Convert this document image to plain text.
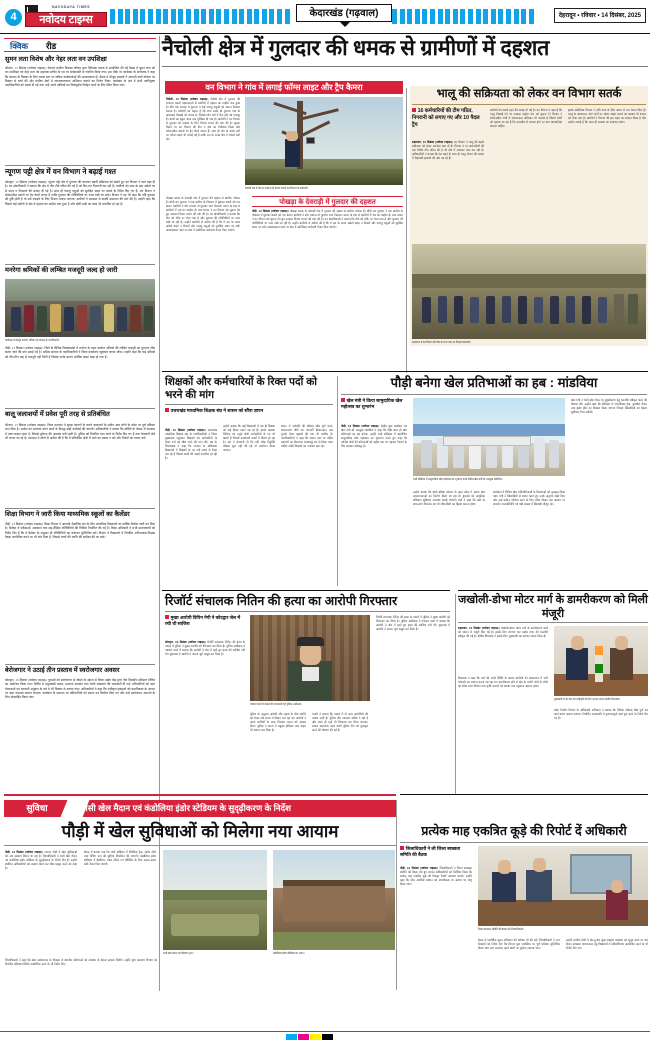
4
NAVODAYA TIMES
नवोदय टाइम्स
केदारखंड (गढ़वाल)	देहरादून • रविवार • 14 दिसंबर, 2025
क्विक रीड
सुमन लता विशेष और नेहर लता वन उपशिक्षा
श्रीनगर, 13 दिसंबर (नवोदय टाइम्स)। नेशनल ग्रामीण विकास परिषद द्वारा नैनीडांडा ब्लाक में आयोजित की गई बैठक में सुमन लता को वन उपशिक्षा एवं नेहर लता को सहायक सचिव के पद पर सर्वसम्मति से चयनित किया गया। इस मौके पर कार्यक्रम के संयोजक ने कहा कि संगठन के विस्तार के लिए ब्लाक स्तर पर सक्रिय कार्यकर्ताओं की आवश्यकता है। बैठक में मौजूद सदस्यों ने आगामी कार्य योजना पर विस्तार से चर्चा की और ग्रामीण क्षेत्रों में जनजागरूकता अभियान चलाने का निर्णय लिया। कार्यक्रम के अंत में सभी नवनियुक्त पदाधिकारियों को बधाई दी गई तथा उन्हें अपने दायित्वों का निष्ठापूर्वक निर्वहन करने के लिए प्रेरित किया गया।
न्यूगण पट्टी क्षेत्र में वन विभाग ने बढ़ाई गश्त
कोटद्वार, 13 दिसंबर (नवोदय टाइम्स)। न्यूगण पट्टी क्षेत्र में गुलदार की लगातार बढ़ती सक्रियता को देखते हुए वन विभाग ने गश्त बढ़ा दी है। वन क्षेत्राधिकारी ने बताया कि क्षेत्र में तीन टीमें गठित की गई हैं जो दिन-रात निगरानी कर रही हैं। ग्रामीणों को शाम के बाद अकेले घर से बाहर न निकलने की सलाह दी गई है। साथ ही पालतू पशुओं को सुरक्षित स्थान पर बांधने के निर्देश दिए गए हैं। वन विभाग ने संवेदनशील स्थानों पर ट्रैप कैमरे लगाए हैं ताकि गुलदार की गतिविधियों पर नजर रखी जा सके। विभाग ने यह भी कहा कि यदि गुलदार की पुष्टि होती है तो उसे पकड़ने के लिए पिंजरा लगाया जाएगा। ग्रामीणों ने प्रशासन से स्थायी समाधान की मांग की है। उन्होंने कहा कि पिछले कई महीनों से क्षेत्र में दहशत का माहौल बना हुआ है और खेती-बाड़ी का काम भी प्रभावित हो रहा है।
मनरेगा श्रमिकों की लम्बित मजदूरी जल्द हो जारी
कार्यक्रम में मौजूद मनरेगा श्रमिक एवं संगठन के पदाधिकारी।
पौड़ी, 13 दिसंबर (नवोदय टाइम्स)। जिले के विभिन्न विकासखंडों में मनरेगा के तहत कार्यरत श्रमिकों की लम्बित मजदूरी का भुगतान शीघ्र कराए जाने की मांग उठाई गई है। श्रमिक संगठन के पदाधिकारियों ने जिला कार्यालय पहुंचकर ज्ञापन सौंपा। उन्होंने कहा कि कई श्रमिकों को तीन-तीन माह से मजदूरी नहीं मिली है जिससे उनके सामने आर्थिक संकट खड़ा हो गया है।
बालूू जलाशयों में प्रवेश पूरी तरह से प्रतिबंधित
श्रीनगर, 13 दिसंबर (नवोदय टाइम्स)। जिला प्रशासन ने सुरक्षा कारणों के चलते जलाशयों के समीप आम लोगों के प्रवेश पर पूर्ण प्रतिबंध लगा दिया है। आदेश का उल्लंघन करने वालों के विरुद्ध कड़ी कार्रवाई की जाएगी। अधिकारियों ने बताया कि सर्दियों के मौसम में जलस्तर में उतार-चढ़ाव रहता है, जिससे दुर्घटना की आशंका बनी रहती है। पुलिस को नियमित गश्त करने के निर्देश दिए गए हैं तथा चेतावनी बोर्ड भी लगाए जा रहे हैं। प्रशासन ने लोगों से अपील की है कि वे प्रतिबंधित क्षेत्रों में जाने का प्रयास न करें और नियमों का पालन करें।
शिक्षा विभाग ने जारी किया माध्यमिक स्कूलों का कैलेंडर
पौड़ी, 13 दिसंबर (नवोदय टाइम्स)। शिक्षा विभाग ने आगामी शैक्षणिक सत्र के लिए माध्यमिक विद्यालयों का वार्षिक कैलेंडर जारी कर दिया है। कैलेंडर में परीक्षाओं, अवकाश तथा सह-शैक्षिक गतिविधियों की तिथियां निर्धारित की गई हैं। शिक्षा अधिकारी ने सभी प्रधानाचार्यों को निर्देश दिए हैं कि वे कैलेंडर के अनुसार ही गतिविधियों का संचालन सुनिश्चित करें। विभाग ने विद्यालयों में नियमित अभिभावक-शिक्षक बैठक आयोजित करने पर भी जोर दिया है, जिससे बच्चों की प्रगति की समीक्षा की जा सके।
बेरोजगार ने उठाई तीन प्रस्ताव में स्वरोजगार अवसर
कोटद्वार, 13 दिसंबर (नवोदय टाइम्स)। युवाओं को स्वरोजगार से जोड़ने के उद्देश्य से जिला उद्योग केंद्र द्वारा तीन दिवसीय प्रशिक्षण शिविर का आयोजन किया गया। शिविर में मधुमक्खी पालन, मशरूम उत्पादन तथा डेयरी व्यवसाय की जानकारी दी गई। प्रतिभागियों को ऋण योजनाओं एवं सरकारी अनुदान के बारे में भी विस्तार से बताया गया। अधिकारियों ने कहा कि पंजीकृत इकाइयों को प्राथमिकता के आधार पर ऋण उपलब्ध कराया जाएगा। कार्यक्रम के समापन पर प्रतिभागियों को प्रमाण पत्र वितरित किए गए और उन्हें स्वरोजगार अपनाने के लिए प्रोत्साहित किया गया।
नैचोली क्षेत्र में गुलदार की धमक से ग्रामीणों में दहशत
वन विभाग ने गांव में लगाई फॉग्स लाइट और ट्रैप कैमरा
नैचोली, 13 दिसंबर (नवोदय टाइम्स)। नैचोली क्षेत्र में गुलदार की लगातार बढ़ती चहलकदमी से ग्रामीणों में दहशत का माहौल बना हुआ है। बीते एक सप्ताह में गुलदार ने कई पालतू पशुओं को अपना निवाला बनाया है। ग्रामीणों का कहना है कि शाम ढलते ही गुलदार गांव के आसपास दिखाई देने लगता है, जिससे लोग घरों में कैद होने को मजबूर हैं। बच्चों का स्कूल जाना तक मुश्किल हो गया है। ग्रामीणों ने वन विभाग से गुलदार को पकड़ने के लिए पिंजरा लगाने की मांग की है। सूचना मिलने पर वन विभाग की टीम ने क्षेत्र का निरीक्षण किया और संवेदनशील स्थानों पर ट्रैप कैमरे लगाए हैं। साथ ही गांव के प्रवेश मार्ग पर फॉग्स लाइट भी लगाई गई है ताकि रात के समय क्षेत्र में रोशनी बनी रहे।
नैचोली क्षेत्र में पेड़ पर चढ़कर ट्रैप कैमरा लगाते वन विभाग के कर्मचारी।
पोखड़ा के देवराड़ी में गुलदार की दहशत
पौड़ी, 13 दिसंबर (नवोदय टाइम्स)। पोखड़ा ब्लाक के देवराड़ी गांव में गुलदार की दहशत से ग्रामीण परेशान हैं। बीती रात गुलदार ने एक ग्रामीण के गौशाला में घुसकर बकरी को मार डाला। ग्रामीणों ने शोर मचाया तो गुलदार भाग निकला। घटना के बाद से ग्रामीणों में भय का माहौल है। ग्राम प्रधान ने वन विभाग को सूचना देते हुए तत्काल पिंजरा लगाने की मांग की है। वन क्षेत्राधिकारी ने बताया कि टीम को मौके पर भेजा गया है और गुलदार की गतिविधियों पर नजर रखी जा रही है। उन्होंने ग्रामीणों से अपील की है कि वे रात के समय अकेले बाहर न निकलें और पालतू पशुओं को सुरक्षित स्थान पर रखें। आवश्यकता पड़ने पर क्षेत्र में अतिरिक्त कर्मचारी तैनात किए जाएंगे।
पोखड़ा ब्लाक के देवराड़ी गांव में गुलदार की दहशत से ग्रामीण परेशान हैं। बीती रात गुलदार ने एक ग्रामीण के गौशाला में घुसकर बकरी को मार डाला। ग्रामीणों ने शोर मचाया तो गुलदार भाग निकला। घटना के बाद से ग्रामीणों में भय का माहौल है। ग्राम प्रधान ने वन विभाग को सूचना देते हुए तत्काल पिंजरा लगाने की मांग की है। वन क्षेत्राधिकारी ने बताया कि टीम को मौके पर भेजा गया है और गुलदार की गतिविधियों पर नजर रखी जा रही है। उन्होंने ग्रामीणों से अपील की है कि वे रात के समय अकेले बाहर न निकलें और पालतू पशुओं को सुरक्षित स्थान पर रखें। आवश्यकता पड़ने पर क्षेत्र में अतिरिक्त कर्मचारी तैनात किए जाएंगे।
भालू की सक्रियता को लेकर वन विभाग सतर्क
16 कर्मचारियों की टीम गठित, निगरानी को लगाए गए और 10 पैदल ट्रैप
रुद्रप्रयाग, 13 दिसंबर (नवोदय टाइम्स)। वन विभाग ने भालू की बढ़ती सक्रियता को लेकर सतर्कता बढ़ा दी है। विभाग ने 16 कर्मचारियों की एक विशेष टीम गठित की है जो क्षेत्र में लगातार गश्त कर रही है। अधिकारियों ने बताया कि ठंड बढ़ने के साथ ही भालू भोजन की तलाश में रिहायशी इलाकों की ओर आ रहे हैं।
ग्रामीणों को सतर्क रहने की सलाह दी गई है। वन विभाग ने कहा है कि भालू दिखाई देने पर तत्काल कंट्रोल रूम को सूचना दें। विभाग ने संवेदनशील गांवों में जागरूकता अभियान भी चलाया है जिसमें लोगों को बताया जा रहा है कि वन्यजीव से सामना होने पर क्या सावधानियां बरतनी चाहिए।
इसके अतिरिक्त विभाग ने रात्रि गश्त के लिए अलग से दल तैनात किए हैं। भालू के आवागमन वाले मार्गों पर सोलर लाइट लगाने का प्रस्ताव भी शासन को भेजा गया है। ग्रामीणों ने विभाग की इस पहल का स्वागत किया है और उम्मीद जताई है कि जल्द ही समस्या का समाधान होगा।
रुद्रप्रयाग में वन विभाग की टीम के साथ गश्त पर निकले कर्मचारी।
शिक्षकों और कर्मचारियों के रिक्त पदों को भरने की मांग
उत्तराखंड माध्यमिक शिक्षक संघ ने शासन को सौंपा ज्ञापन
पौड़ी, 13 दिसंबर (नवोदय टाइम्स)। उत्तराखंड माध्यमिक शिक्षक संघ के पदाधिकारियों ने जिला मुख्यालय पहुंचकर शिक्षकों एवं कर्मचारियों के रिक्त पदों को शीघ्र भरने की मांग की। संघ के जिलाध्यक्ष ने कहा कि जनपद के अधिकांश विद्यालयों में शिक्षकों के पद लंबे समय से रिक्त चल रहे हैं जिससे छात्रों की पढ़ाई प्रभावित हो रही है।
उन्होंने बताया कि कई विद्यालयों में एक ही शिक्षक को कई विषय पढ़ाने पड़ रहे हैं। इसके अलावा लिपिक एवं चतुर्थ श्रेणी कर्मचारियों के पद भी खाली हैं जिससे कार्यालयी कार्यों में विलंब हो रहा है। संघ ने चेतावनी दी कि यदि शीघ्र नियुक्ति प्रक्रिया शुरू नहीं की गई तो आंदोलन किया जाएगा।
ज्ञापन में पदोन्नति की प्रक्रिया शीघ्र पूर्ण करने, स्थानांतरण नीति का पारदर्शी क्रियान्वयन तथा पुरानी पेंशन बहाली की मांग भी शामिल है। पदाधिकारियों ने कहा कि शासन स्तर पर लंबित प्रकरणों का निस्तारण समयबद्ध ढंग से किया जाना चाहिए ताकि शिक्षकों का मनोबल बना रहे।
पौड़ी बनेगा खेल प्रतिभाओं का हब : मांडविया
खेल मंत्री ने किया सामुदायिक खेल महोत्सव का शुभारंभ
पौड़ी, 13 दिसंबर (नवोदय टाइम्स)। केंद्रीय युवा कार्यक्रम एवं खेल मंत्री डॉ. मनसुख मांडविया ने कहा कि पौड़ी जल्द ही खेल प्रतिभाओं का हब बनेगा। उन्होंने रांसी स्टेडियम में आयोजित सामुदायिक खेल महोत्सव का शुभारंभ करते हुए कहा कि पर्वतीय क्षेत्रों की प्रतिभाओं को राष्ट्रीय स्तर पर पहचान दिलाने के लिए सरकार प्रतिबद्ध है।
रांसी स्टेडियम में सामुदायिक खेल महोत्सव का शुभारंभ करते केंद्रीय खेल मंत्री डॉ. मनसुख मांडविया।
उन्होंने बताया कि खेलो इंडिया योजना के तहत प्रदेश में अनेक खेल अवसंरचनाओं का निर्माण किया जा रहा है। युवाओं को आधुनिक प्रशिक्षण सुविधाएं उपलब्ध कराई जाएंगी। मंत्री ने कहा कि खेल के साथ-साथ फिटनेस को भी जीवनशैली का हिस्सा बनाना होगा।
कार्यक्रम में विभिन्न खेल प्रतियोगिताओं के विजेताओं को पुरस्कृत किया गया। मंत्री ने खिलाड़ियों से संवाद करते हुए उनके अनुभव साझे किए और उन्हें कठिन परिश्रम करने के लिए प्रेरित किया। इस अवसर पर स्थानीय जनप्रतिनिधि एवं बड़ी संख्या में खिलाड़ी मौजूद रहे।
खेल मंत्री ने रांसी खेल मैदान के सुदृढ़ीकरण हेतु धनराशि स्वीकृत करने की घोषणा की। उन्होंने कहा कि स्टेडियम में एथलेटिक्स ट्रैक, फुटबॉल मैदान तथा इंडोर हॉल का विकास किया जाएगा जिससे खिलाड़ियों को बेहतर सुविधाएं मिल सकेंगी।
रिजॉर्ट संचालक नितिन की हत्या का आरोपी गिरफ्तार
मुख्य आरोपी विपिन नेगी ने कोटद्वार जेल में रची थी साजिश
कोटद्वार, 13 दिसंबर (नवोदय टाइम्स)। रिजॉर्ट संचालक नितिन की हत्या के मामले में पुलिस ने मुख्य आरोपी को गिरफ्तार कर लिया है। पुलिस अधीक्षक ने पत्रकार वार्ता में बताया कि आरोपी ने जेल में रहते हुए हत्या की साजिश रची थी। पूछताछ में आरोपी ने अपना जुर्म कबूल कर लिया है।
पत्रकार वार्ता में मामले की जानकारी देते पुलिस अधीक्षक।
पुलिस के अनुसार आरोपी और मृतक के बीच संपत्ति को लेकर लंबे समय से विवाद चल रहा था। आरोपी ने अपने साथियों के साथ मिलकर घटना को अंजाम दिया। पुलिस ने घटना में प्रयुक्त हथियार तथा वाहन भी बरामद कर लिया है।
एसपी ने बताया कि मामले में दो अन्य आरोपियों की तलाश जारी है। पुलिस टीम लगातार दबिश दे रही है और जल्द ही उन्हें भी गिरफ्तार कर लिया जाएगा। सफल अनावरण करने वाली पुलिस टीम को पुरस्कृत करने की घोषणा की गई है।
रिजॉर्ट संचालक नितिन की हत्या के मामले में पुलिस ने मुख्य आरोपी को गिरफ्तार कर लिया है। पुलिस अधीक्षक ने पत्रकार वार्ता में बताया कि आरोपी ने जेल में रहते हुए हत्या की साजिश रची थी। पूछताछ में आरोपी ने अपना जुर्म कबूल कर लिया है।
जखोली-डोभा मोटर मार्ग के डामरीकरण को मिली मंजूरी
रुद्रप्रयाग, 13 दिसंबर (नवोदय टाइम्स)। जखोली-डोभा मोटर मार्ग के डामरीकरण कार्य को शासन से मंजूरी मिल गई है। इसके लिए लगभग चार करोड़ रुपए की धनराशि स्वीकृत की गई है। क्षेत्रीय विधायक ने इसके लिए मुख्यमंत्री का आभार व्यक्त किया है।
मुख्यमंत्री से भेंट कर मार्ग स्वीकृति के लिए आभार जताते क्षेत्रीय विधायक।
विधायक ने कहा कि मार्ग की जर्जर स्थिति के कारण ग्रामीणों को आवागमन में भारी परेशानी का सामना करना पड़ रहा था। डामरीकरण होने से क्षेत्र के दर्जनों गांवों के लोगों को सीधा लाभ मिलेगा तथा कृषि उत्पादों को बाजार तक पहुंचाना आसान होगा।
लोक निर्माण विभाग के अधिशासी अभियंता ने बताया कि निविदा प्रक्रिया शीघ्र पूर्ण कर कार्य प्रारंभ कराया जाएगा। निर्धारित समयावधि में गुणवत्तापूर्ण कार्य पूरा करने के निर्देश दिए गए हैं।
सुविधा	रांसी खेल मैदान एवं कंडोलिया इंडोर स्टेडियम के सुदृढ़ीकरण के निर्देश
पौड़ी में खेल सुविधाओं को मिलेगा नया आयाम
पौड़ी, 13 दिसंबर (नवोदय टाइम्स)। जनपद पौड़ी में खेल सुविधाओं को नया आयाम मिलने जा रहा है। जिलाधिकारी ने रांसी खेल मैदान एवं कंडोलिया इंडोर स्टेडियम के सुदृढ़ीकरण के निर्देश दिए हैं। उन्होंने संबंधित अधिकारियों को प्रस्ताव तैयार कर शीघ्र प्रस्तुत करने को कहा है।
बैठक में बताया गया कि रांसी स्टेडियम में सिंथेटिक ट्रैक, दर्शक दीर्घा तथा चेंजिंग रूम की सुविधा विकसित की जाएगी। कंडोलिया इंडोर स्टेडियम में बैडमिंटन, टेबल टेनिस एवं बॉक्सिंग के लिए अलग-अलग कोर्ट तैयार किए जाएंगे।
रांसी खेल मैदान का विहंगम दृश्य।	कंडोलिया इंडोर स्टेडियम का भवन।
जिलाधिकारी ने कहा कि खेल अवसंरचना के विकास से स्थानीय प्रतिभाओं को अभ्यास के बेहतर अवसर मिलेंगे। उन्होंने युवा कल्याण विभाग को नियमित प्रशिक्षण शिविर आयोजित करने के भी निर्देश दिए।
प्रत्येक माह एकत्रित कूड़े की रिपोर्ट दें अधिकारी
जिलाधिकारी ने ली जिला स्वच्छता समिति की बैठक
पौड़ी, 13 दिसंबर (नवोदय टाइम्स)। जिलाधिकारी ने जिला स्वच्छता समिति की बैठक लेते हुए समस्त अधिकारियों को निर्देशित किया कि प्रत्येक माह एकत्रित कूड़े की विस्तृत रिपोर्ट उपलब्ध कराएं। उन्होंने कहा कि ठोस अपशिष्ट प्रबंधन को प्राथमिकता के आधार पर लागू किया जाए।
जिला स्वच्छता समिति की बैठक लेते जिलाधिकारी।
बैठक में प्लास्टिक मुक्त अभियान की समीक्षा भी की गई। जिलाधिकारी ने नगर निकायों को निर्देश दिए कि सिंगल यूज प्लास्टिक पर पूर्ण प्रतिबंध सुनिश्चित किया जाए तथा उल्लंघन करने वालों पर जुर्माना लगाया जाए।
उन्होंने ग्रामीण क्षेत्रों में डोर-टू-डोर कूड़ा संग्रहण व्यवस्था को सुदृढ़ करने पर बल दिया। स्वच्छता जागरूकता हेतु विद्यालयों में प्रतियोगिताएं आयोजित करने के भी निर्देश दिए गए।
